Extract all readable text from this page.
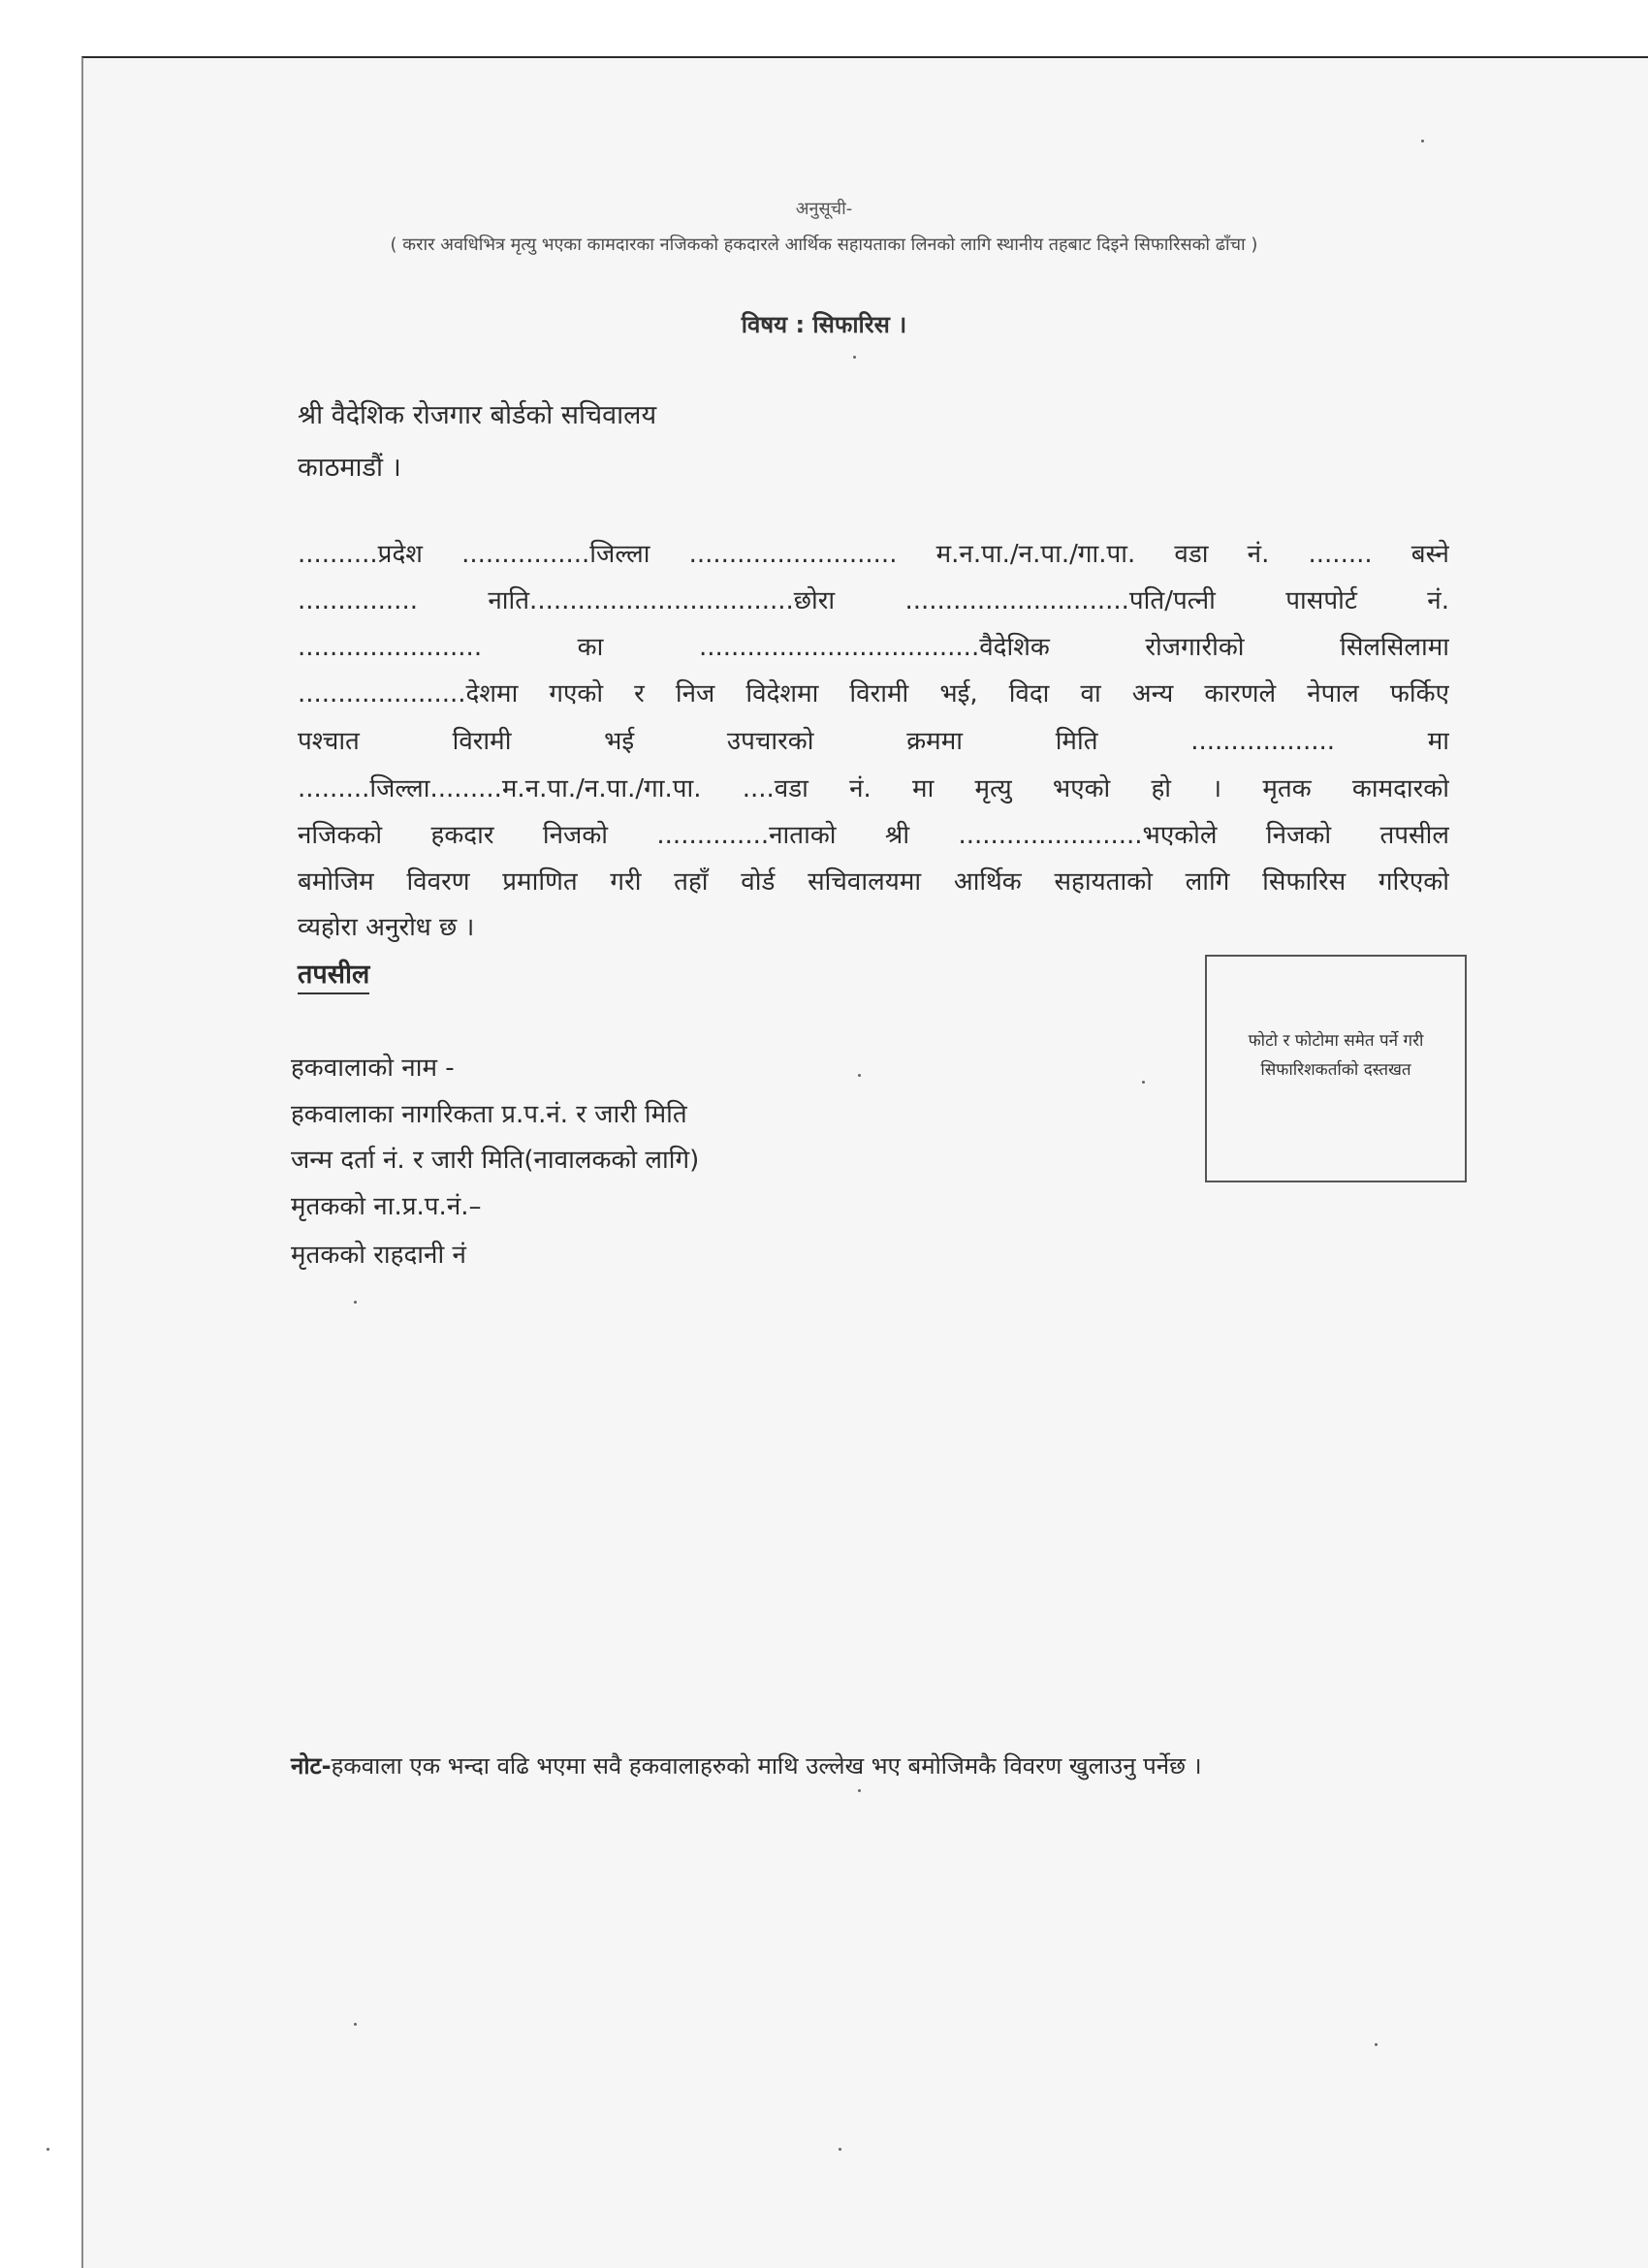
अनुसूची-
( करार अवधिभित्र मृत्यु भएका कामदारका नजिकको हकदारले आर्थिक सहायताका लिनको लागि स्थानीय तहबाट दिइने सिफारिसको ढाँचा )
विषय : सिफारिस ।
श्री वैदेशिक रोजगार बोर्डको सचिवालय
काठमाडौं ।
..........प्रदेश ................जिल्ला .......................... म.न.पा./न.पा./गा.पा. वडा नं. ........ बस्ने
............... नाति.................................छोरा ............................पति/पत्नी पासपोर्ट नं.
....................... का ...................................वैदेशिक रोजगारीको सिलसिलामा
.....................देशमा गएको र निज विदेशमा विरामी भई, विदा वा अन्य कारणले नेपाल फर्किए
पश्चात विरामी भई उपचारको क्रममा मिति .................. मा
.........जिल्ला.........म.न.पा./न.पा./गा.पा. ....वडा नं. मा मृत्यु भएको हो । मृतक कामदारको
नजिकको हकदार निजको ..............नाताको श्री .......................भएकोले निजको तपसील
बमोजिम विवरण प्रमाणित गरी तहाँ वोर्ड सचिवालयमा आर्थिक सहायताको लागि सिफारिस गरिएको
व्यहोरा अनुरोध छ ।
तपसील
हकवालाको नाम -
हकवालाका नागरिकता प्र.प.नं. र जारी मिति
जन्म दर्ता नं. र जारी मिति(नावालकको लागि)
मृतकको ना.प्र.प.नं.–
मृतकको राहदानी नं
फोटो र फोटोमा समेत पर्ने गरी सिफारिशकर्ताको दस्तखत
नोट-हकवाला एक भन्दा वढि भएमा सवै हकवालाहरुको माथि उल्लेख भए बमोजिमकै विवरण खुलाउनु पर्नेछ ।
